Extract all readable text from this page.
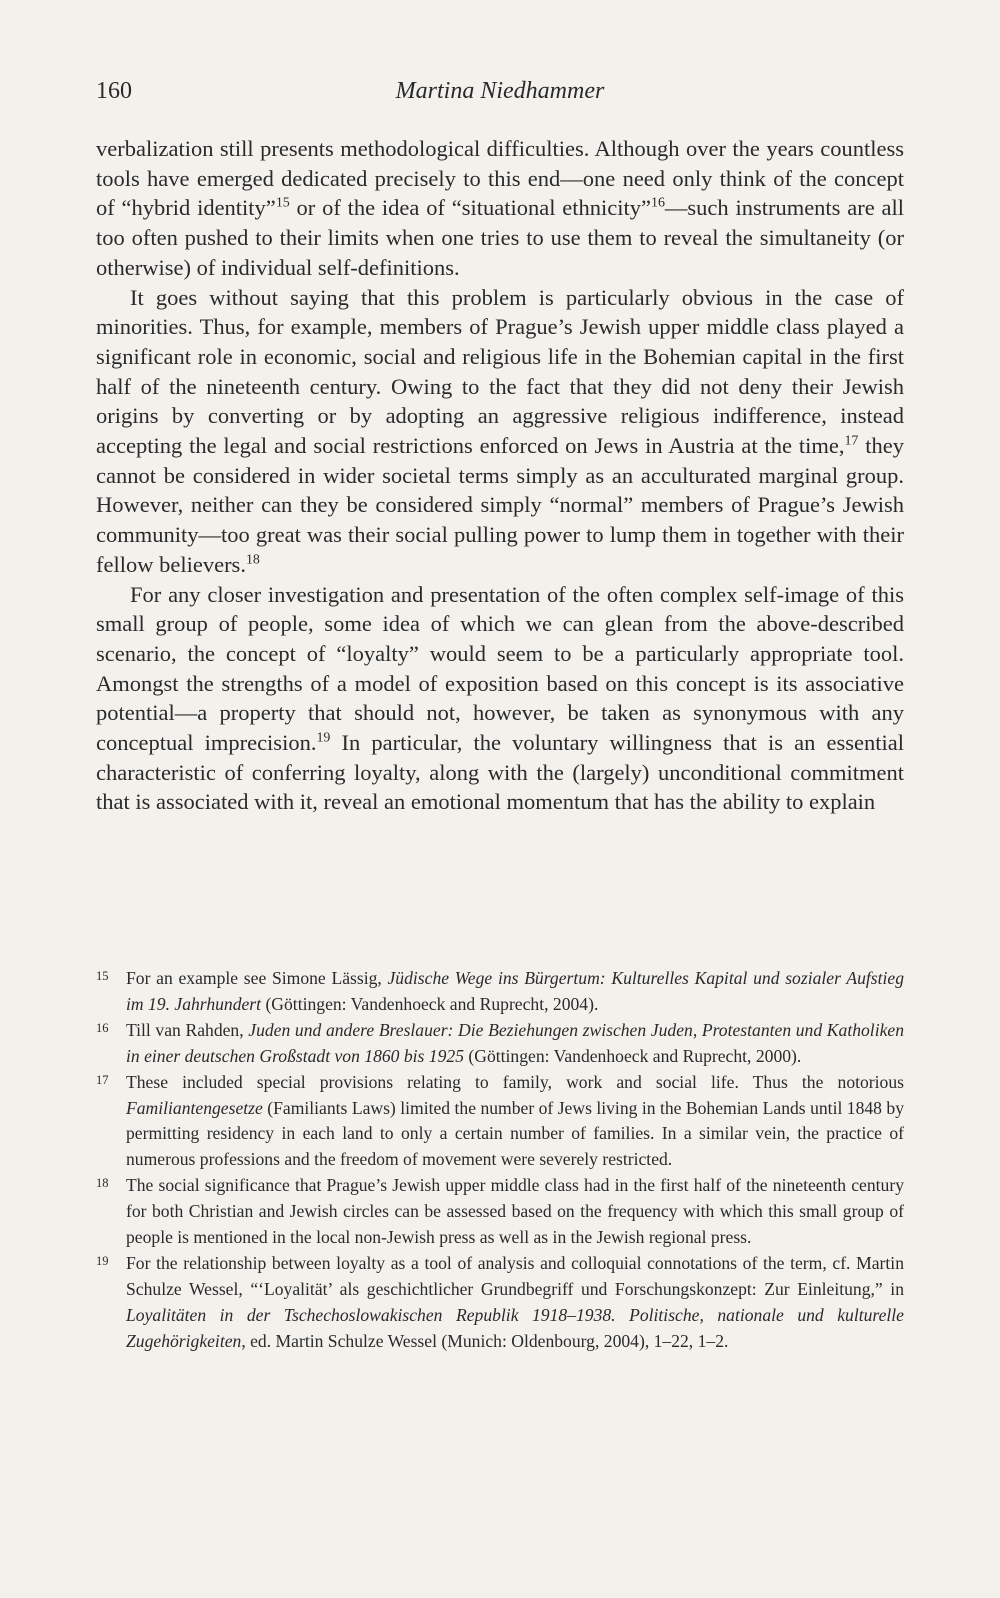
160	Martina Niedhammer

verbalization still presents methodological difficulties. Although over the years countless tools have emerged dedicated precisely to this end—one need only think of the concept of “hybrid identity”$^{15}$ or of the idea of “situational ethnicity”$^{16}$—such instruments are all too often pushed to their limits when one tries to use them to reveal the simultaneity (or otherwise) of individual self-definitions.

It goes without saying that this problem is particularly obvious in the case of minorities. Thus, for example, members of Prague’s Jewish upper middle class played a significant role in economic, social and religious life in the Bohemian capital in the first half of the nineteenth century. Owing to the fact that they did not deny their Jewish origins by converting or by adopting an aggressive religious indifference, instead accepting the legal and social restrictions enforced on Jews in Austria at the time,$^{17}$ they cannot be considered in wider societal terms simply as an acculturated marginal group. However, neither can they be considered simply “normal” members of Prague’s Jewish community—too great was their social pulling power to lump them in together with their fellow believers.$^{18}$

For any closer investigation and presentation of the often complex self-image of this small group of people, some idea of which we can glean from the above-described scenario, the concept of “loyalty” would seem to be a particularly appropriate tool. Amongst the strengths of a model of exposition based on this concept is its associative potential—a property that should not, however, be taken as synonymous with any conceptual imprecision.$^{19}$ In particular, the voluntary willingness that is an essential characteristic of conferring loyalty, along with the (largely) unconditional commitment that is associated with it, reveal an emotional momentum that has the ability to explain

15 For an example see Simone Lässig, Jüdische Wege ins Bürgertum: Kulturelles Kapital und sozialer Aufstieg im 19. Jahrhundert (Göttingen: Vandenhoeck and Ruprecht, 2004).
16 Till van Rahden, Juden und andere Breslauer: Die Beziehungen zwischen Juden, Protestanten und Katholiken in einer deutschen Großstadt von 1860 bis 1925 (Göttingen: Vandenhoeck and Ruprecht, 2000).
17 These included special provisions relating to family, work and social life. Thus the notorious Familiantengesetze (Familiants Laws) limited the number of Jews living in the Bohemian Lands until 1848 by permitting residency in each land to only a certain number of families. In a similar vein, the practice of numerous professions and the freedom of movement were severely restricted.
18 The social significance that Prague’s Jewish upper middle class had in the first half of the nineteenth century for both Christian and Jewish circles can be assessed based on the frequency with which this small group of people is mentioned in the local non-Jewish press as well as in the Jewish regional press.
19 For the relationship between loyalty as a tool of analysis and colloquial connotations of the term, cf. Martin Schulze Wessel, “‘Loyalität’ als geschichtlicher Grundbegriff und Forschungskonzept: Zur Einleitung,” in Loyalitäten in der Tschechoslowakischen Republik 1918–1938. Politische, nationale und kulturelle Zugehörigkeiten, ed. Martin Schulze Wessel (Munich: Oldenbourg, 2004), 1–22, 1–2.
